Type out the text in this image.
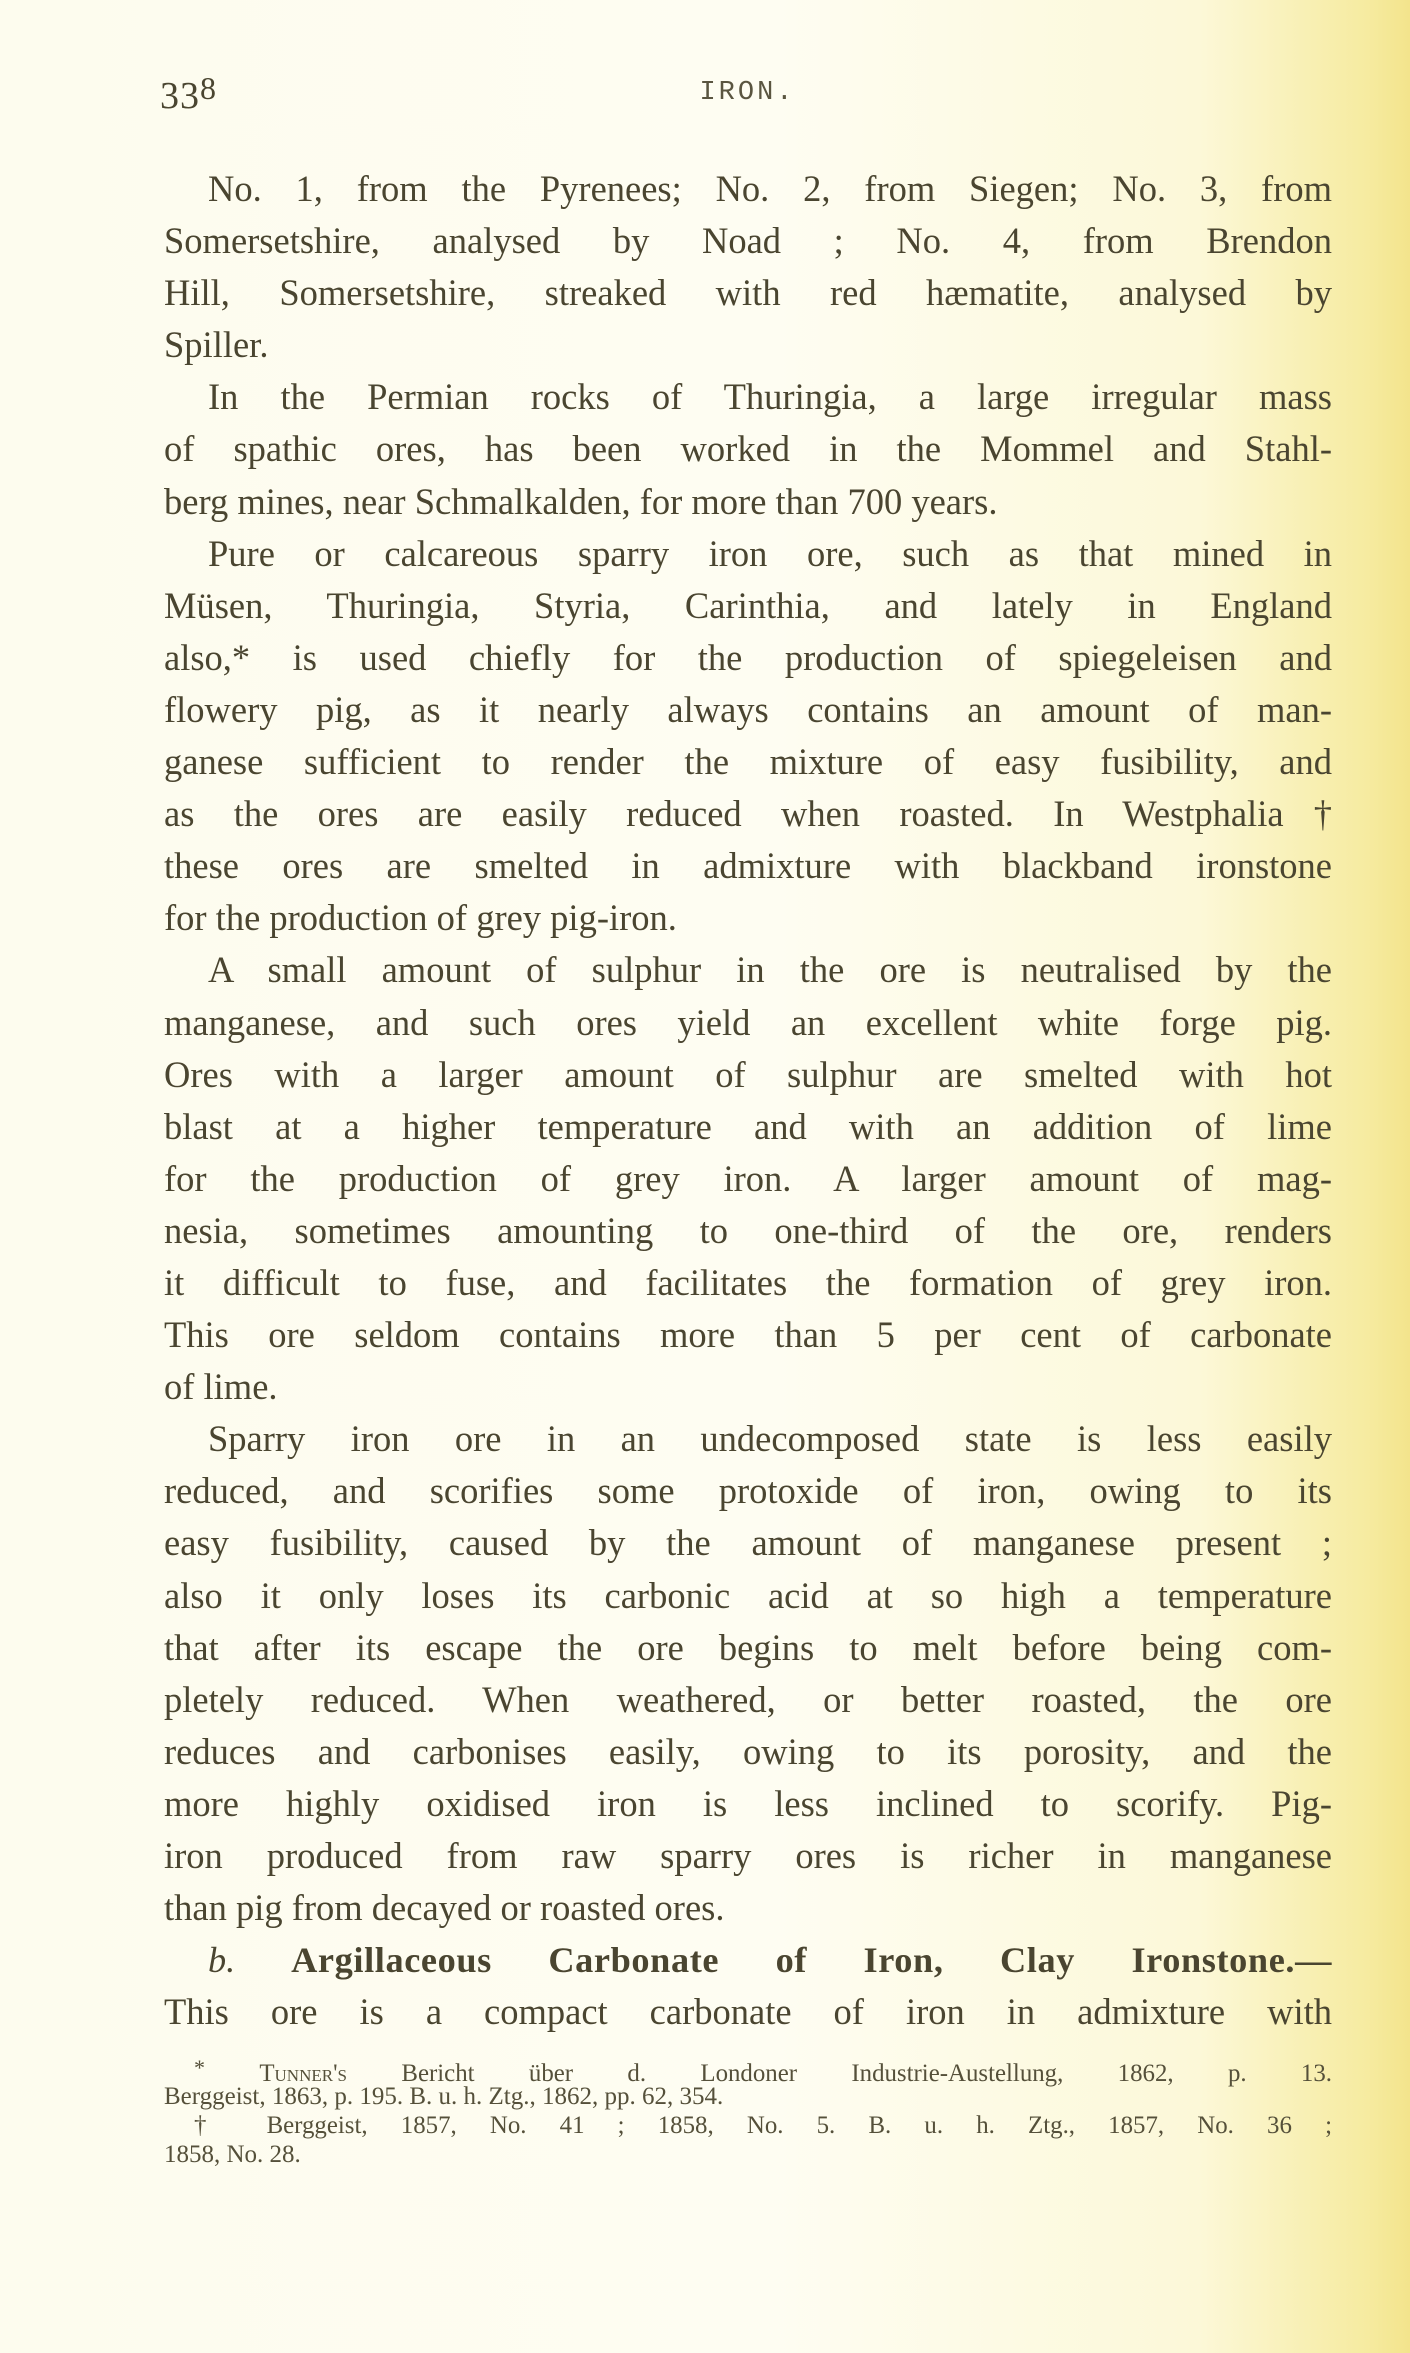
$33^8$	IRON.
No. 1, from the Pyrenees; No. 2, from Siegen; No. 3, from
Somersetshire, analysed by Noad ; No. 4, from Brendon
Hill, Somersetshire, streaked with red hæmatite, analysed by
Spiller.
In the Permian rocks of Thuringia, a large irregular mass
of spathic ores, has been worked in the Mommel and Stahl-
berg mines, near Schmalkalden, for more than 700 years.
Pure or calcareous sparry iron ore, such as that mined in
Müsen, Thuringia, Styria, Carinthia, and lately in England
also,* is used chiefly for the production of spiegeleisen and
flowery pig, as it nearly always contains an amount of man-
ganese sufficient to render the mixture of easy fusibility, and
as the ores are easily reduced when roasted. In Westphalia†
these ores are smelted in admixture with blackband ironstone
for the production of grey pig-iron.
A small amount of sulphur in the ore is neutralised by the
manganese, and such ores yield an excellent white forge pig.
Ores with a larger amount of sulphur are smelted with hot
blast at a higher temperature and with an addition of lime
for the production of grey iron. A larger amount of mag-
nesia, sometimes amounting to one-third of the ore, renders
it difficult to fuse, and facilitates the formation of grey iron.
This ore seldom contains more than 5 per cent of carbonate
of lime.
Sparry iron ore in an undecomposed state is less easily
reduced, and scorifies some protoxide of iron, owing to its
easy fusibility, caused by the amount of manganese present ;
also it only loses its carbonic acid at so high a temperature
that after its escape the ore begins to melt before being com-
pletely reduced. When weathered, or better roasted, the ore
reduces and carbonises easily, owing to its porosity, and the
more highly oxidised iron is less inclined to scorify. Pig-
iron produced from raw sparry ores is richer in manganese
than pig from decayed or roasted ores.
b. Argillaceous Carbonate of Iron, Clay Ironstone.—
This ore is a compact carbonate of iron in admixture with
* Tunner's Bericht über d. Londoner Industrie-Austellung, 1862, p. 13.
Berggeist, 1863, p. 195. B. u. h. Ztg., 1862, pp. 62, 354.
† Berggeist, 1857, No. 41 ; 1858, No. 5. B. u. h. Ztg., 1857, No. 36 ;
1858, No. 28.
